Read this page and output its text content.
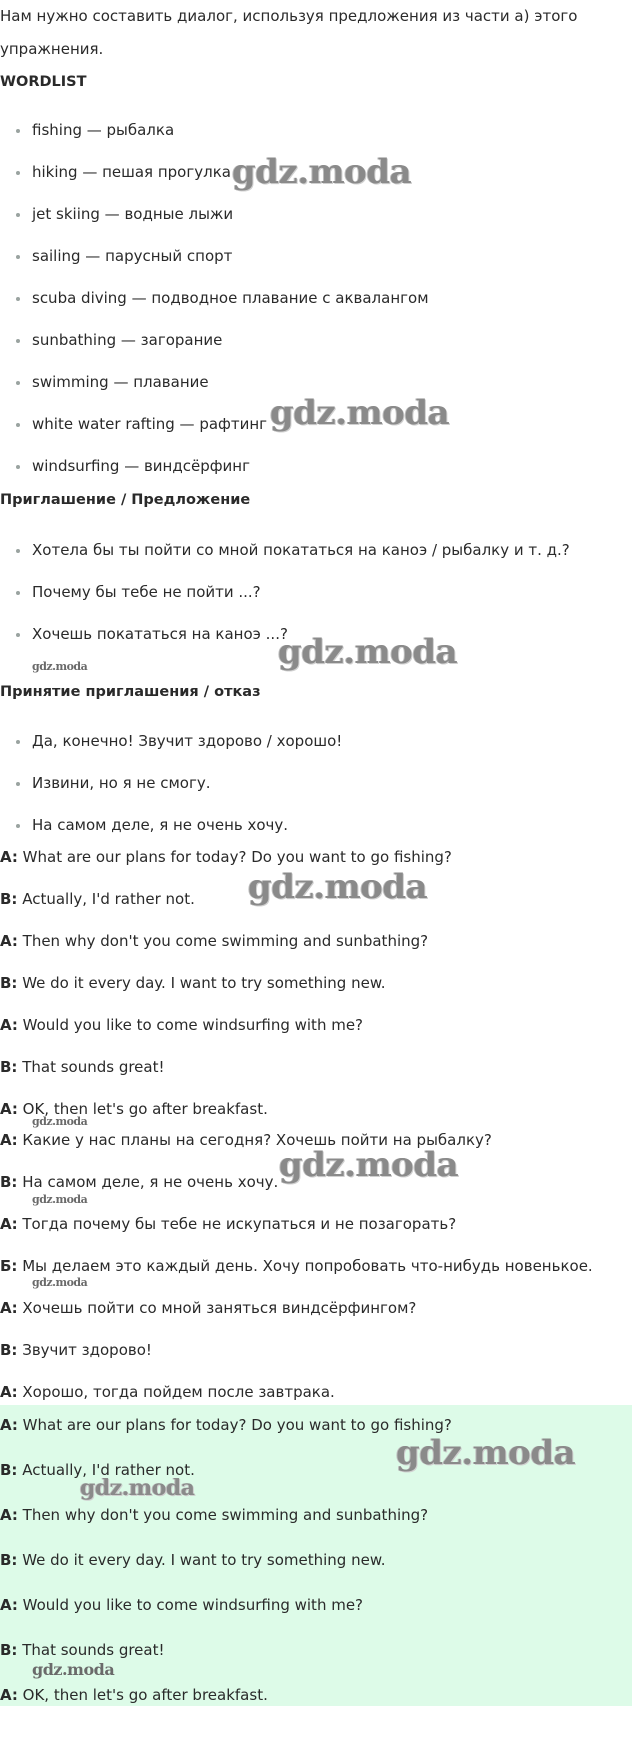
Нам нужно составить диалог, используя предложения из части а) этого
упражнения.
WORDLIST
fishing — рыбалка
hiking — пешая прогулка
jet skiing — водные лыжи
sailing — парусный спорт
scuba diving — подводное плавание с аквалангом
sunbathing — загорание
swimming — плавание
white water rafting — рафтинг
windsurfing — виндсёрфинг
Приглашение / Предложение
Хотела бы ты пойти со мной покататься на каноэ / рыбалку и т. д.?
Почему бы тебе не пойти ...?
Хочешь покататься на каноэ ...?
Принятие приглашения / отказ
Да, конечно! Звучит здорово / хорошо!
Извини, но я не смогу.
На самом деле, я не очень хочу.
A: What are our plans for today? Do you want to go fishing?
B: Actually, I'd rather not.
A: Then why don't you come swimming and sunbathing?
B: We do it every day. I want to try something new.
A: Would you like to come windsurfing with me?
B: That sounds great!
A: OK, then let's go after breakfast.
А: Какие у нас планы на сегодня? Хочешь пойти на рыбалку?
В: На самом деле, я не очень хочу.
А: Тогда почему бы тебе не искупаться и не позагорать?
Б: Мы делаем это каждый день. Хочу попробовать что-нибудь новенькое.
А: Хочешь пойти со мной заняться виндсёрфингом?
В: Звучит здорово!
А: Хорошо, тогда пойдем после завтрака.
A: What are our plans for today? Do you want to go fishing?
B: Actually, I'd rather not.
A: Then why don't you come swimming and sunbathing?
B: We do it every day. I want to try something new.
A: Would you like to come windsurfing with me?
B: That sounds great!
A: OK, then let's go after breakfast.
gdz.moda
gdz.moda
gdz.moda
gdz.moda
gdz.moda
gdz.moda
gdz.moda
gdz.moda
gdz.moda
gdz.moda
gdz.moda
gdz.moda
